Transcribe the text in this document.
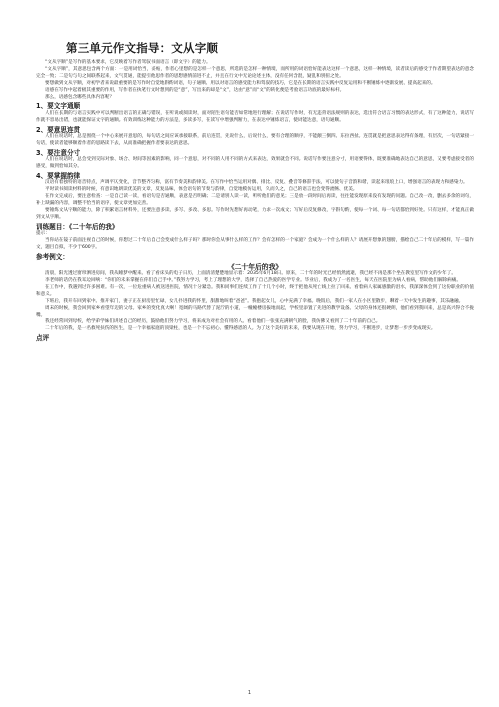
第三单元作文指导：文从字顺

“文从字顺”是写作的基本要求，它反映着写作者驾驭书面语言（即文字）的能力。

“文从字顺”，其意思包含两个方面：一是用词恰当，妥帖，作者心里想的是怎样一个意思，所选的是怎样一种情境，而所用的词语恰好能表达这样一个意思，这样一种情境，读者读后的感受于作者期望表达的意念完全一致；二是句与句之间联系起来，文气贯通，能提引他思作者的思想感情前进不止，并且在行文中无论论述主体，没有任何含混，疑乱和别扭之处。

要想做到文从字顺，对初学者来说最重要的是写作时自觉地斟酌词语，句子通顺、用以对语言的感受能力和驾驭的技巧，它是在长期的语言实践中反复运用和不断锤炼中逐渐发展、提高起来的。

语感在写作中起着极其重要的作用，写作者在执笔行文时想到的是“意”，写出来的却是“文”，达由“意”而“文”的转化便是考验语言功底的最好标杆。

那么，语感包含哪些具体内容呢？

1、要文字通顺

人们在长期的与语言实践中可以判断出语言的正确与错误，在听说或阅读时，面对陌生语句能否如常地进行理解；在说话写作时，有无违背语法规则的表达，选出符合语言习惯的表达形式，有了这种能力，说话写作就不容易出错，也就能保证文字的通顺。有效训练这种能力的方法是，多读多写，在读写中增强判断力，在表达中锤炼语言，使词能达意，语句通顺。

2、要意思连贯

人们在说话时，总是围绕一个中心来展开意思的，每句话之间应该承接联系，前后连贯，先说什么，后说什么，要有合理的顺序，不能颠三倒四、东拉西扯。连贯就是把意思表达得有条理，有层次，一句话紧接一句话，使读者能够顺着作者的思路读下去，从而准确把握作者要表达的意思。

3、要注意分寸

人们在说话时，总会受到交际对象、场合、时间等因素的影响，同一个意思，对不同的人用不同的方式来表达，效果就会不同。说话写作要注意分寸，用语要得体，既要准确地表达自己的意思，又要考虑接受者的感受，做到恰如其分。

4、要掌握韵律

汉语有着独特的语音特点，声调平仄变化，音节整齐匀称，富有节奏美和韵律美。在写作中恰当运用对偶、排比、反复、叠音等修辞手法，可以使句子音韵和谐，读起来琅琅上口，增强语言的表现力和感染力。

平时读书阅读材料的时候，有意识地朗读优美的文章，反复品味，体会语句的节奏与韵律，自觉地模仿运用，久而久之，自己的语言也会变得流畅、优美。

在作文完成后，要注意检查：一是自己读一读，看语句是否通顺，表意是否明确；二是请别人读一读，听听他们的意见；三是放一段时间后再读，往往能发现原来没有发现的问题。自己改一改，删去多余的词句，补上缺漏的内容，调整不恰当的语序，使文章更加完善。

要锤炼文从字顺的能力，除了积累语言材料外，还要注意多读、多写、多改、多思。写作时先想好再动笔，力求一次成文；写好后反复修改，字斟句酌，使每一个词、每一句话都恰到好处。只有这样，才能真正做到文从字顺。

训练题目：《二十年后的我》

提示：

当你站在镜子前面注视自己的时候，你想过二十年后自己会变成什么样子吗？那时你会从事什么样的工作？会有怎样的一个家庭？会成为一个什么样的人？请展开想象的翅膀，描绘自己二十年后的模样，写一篇作文，题目自拟，不少于600字。

参考例文：
《二十年后的我》

清晨，阳光透过窗帘洒进房间，我从睡梦中醒来。看了看床头的电子日历，上面清清楚楚地显示着：2035年6月18日。原来，二十年的时光已经悄然流逝，我已经不再是那个坐在教室里写作文的少年了。

李老师的话仍在我耳边回响：“你们的未来掌握在你们自己手中。”我努力学习，考上了理想的大学，选择了自己热爱的医学专业。毕业后，我成为了一名医生，每天在医院里为病人看病，帮助他们解除病痛。

在工作中，我遇到过许多困难。有一次，一位危重病人被送进医院，情况十分紧急。我和同事们连续工作了十几个小时，终于把他从死亡线上拉了回来。看着病人家属感激的泪水，我深深体会到了这份职业的价值和意义。

下班后，我开车回到家中。推开家门，妻子正在厨房里忙碌，女儿扑进我的怀里，甜甜地叫着“爸爸”。我抱起女儿，心中充满了幸福。晚饭后，我们一家人在小区里散步，聊着一天中发生的趣事，其乐融融。

周末的时候，我会回到家乡看望年迈的父母。家乡的变化真大啊！宽阔的马路代替了泥泞的小道，一幢幢楼房拔地而起，学校里添置了先进的教学设备。父母的身体还很硬朗，他们看到我回来，总是高兴得合不拢嘴。

我还经常回到母校，给学弟学妹们讲述自己的经历，鼓励他们努力学习，将来成为对社会有用的人。看着他们一张张充满朝气的脸，我仿佛又看到了二十年前的自己。

二十年后的我，是一名救死扶伤的医生，是一个幸福家庭的顶梁柱，也是一个不忘初心、懂得感恩的人。为了这个美好的未来，我要从现在开始，努力学习，不断进步，让梦想一步步变成现实。

点评
1
